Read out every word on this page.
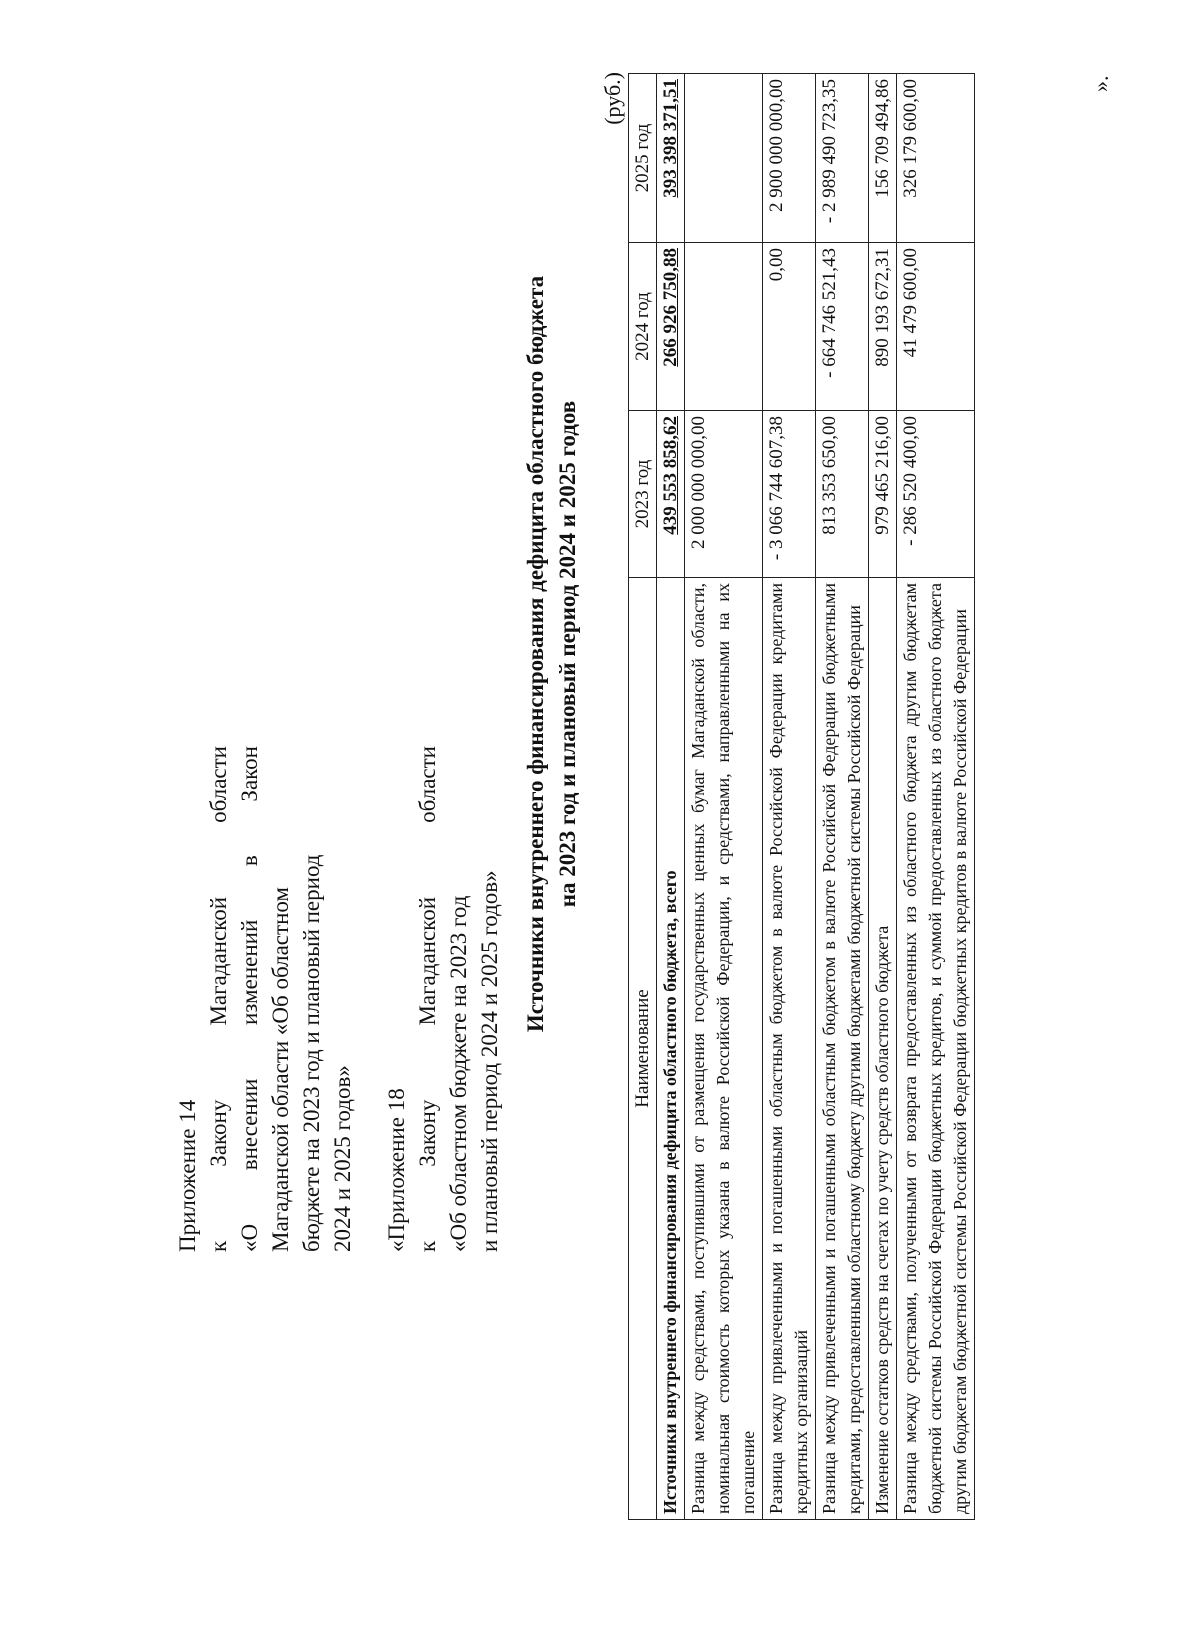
Приложение 14 к
Закону
Магаданской
области
«О
внесении
изменений
в
Закон
Магаданской области «Об областном бюджете на 2023 год и плановый период 2024 и 2025 годов» «Приложение 18 к
Закону
Магаданской
области
«Об областном бюджете на 2023 год и плановый период 2024 и 2025 годов»
Источники внутреннего финансирования дефицита областного бюджета на 2023 год и плановый период 2024 и 2025 годов
(руб.)
Наименование	2023 год	2024 год	2025 год
Источники внутреннего финансирования дефицита областного бюджета, всего	439 553 858,62	266 926 750,88	393 398 371,51
Разница между средствами, поступившими от размещения государственных ценных бумаг Магаданской области, номинальная стоимость которых указана в валюте Российской Федерации, и средствами, направленными на их погашение	2 000 000 000,00		
Разница между привлеченными и погашенными областным бюджетом в валюте Российской Федерации кредитами кредитных организаций	- 3 066 744 607,38	0,00	2 900 000 000,00
Разница между привлеченными и погашенными областным бюджетом в валюте Российской Федерации бюджетными кредитами, предоставленными областному бюджету другими бюджетами бюджетной системы Российской Федерации	813 353 650,00	- 664 746 521,43	- 2 989 490 723,35
Изменение остатков средств на счетах по учету средств областного бюджета	979 465 216,00	890 193 672,31	156 709 494,86
Разница между средствами, полученными от возврата предоставленных из областного бюджета другим бюджетам бюджетной системы Российской Федерации бюджетных кредитов, и суммой предоставленных из областного бюджета другим бюджетам бюджетной системы Российской Федерации бюджетных кредитов в валюте Российской Федерации	- 286 520 400,00	41 479 600,00	326 179 600,00	».
